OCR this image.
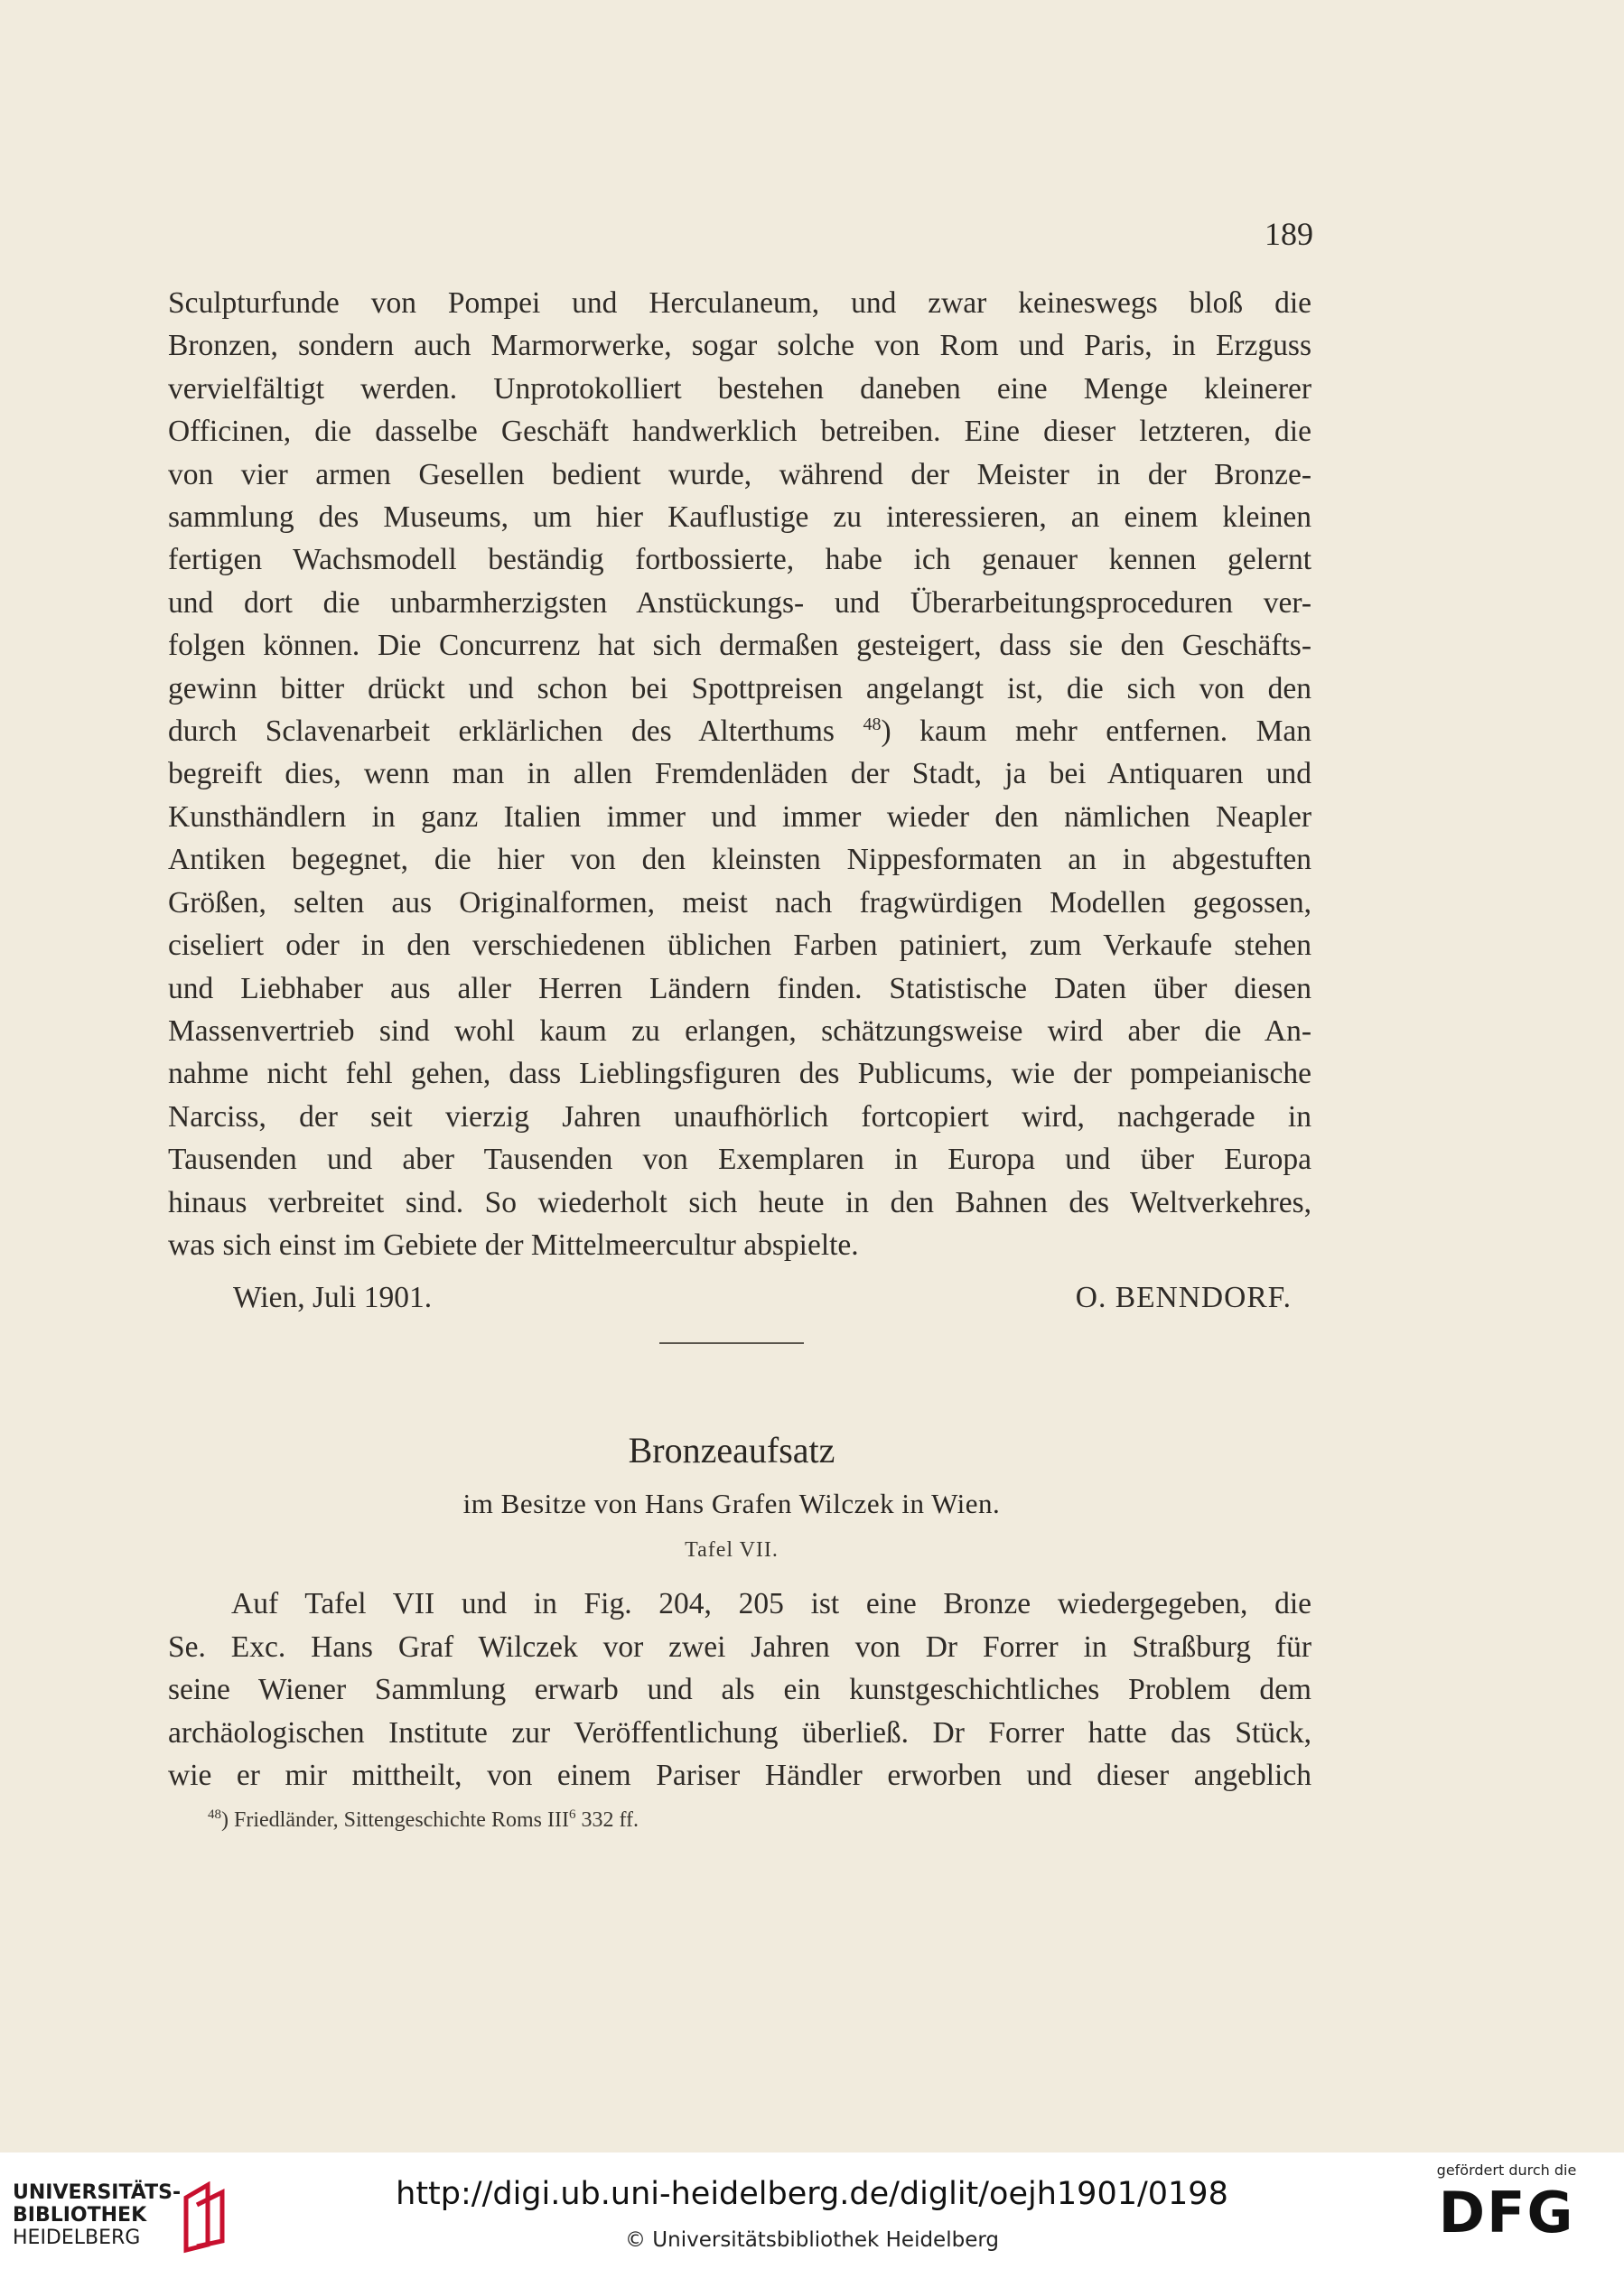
189
Sculpturfunde von Pompei und Herculaneum, und zwar keineswegs bloß die
Bronzen, sondern auch Marmorwerke, sogar solche von Rom und Paris, in Erzguss
vervielfältigt werden. Unprotokolliert bestehen daneben eine Menge kleinerer
Officinen, die dasselbe Geschäft handwerklich betreiben. Eine dieser letzteren, die
von vier armen Gesellen bedient wurde, während der Meister in der Bronze-
sammlung des Museums, um hier Kauflustige zu interessieren, an einem kleinen
fertigen Wachsmodell beständig fortbossierte, habe ich genauer kennen gelernt
und dort die unbarmherzigsten Anstückungs- und Überarbeitungsproceduren ver-
folgen können. Die Concurrenz hat sich dermaßen gesteigert, dass sie den Geschäfts-
gewinn bitter drückt und schon bei Spottpreisen angelangt ist, die sich von den
durch Sclavenarbeit erklärlichen des Alterthums $^{48}$) kaum mehr entfernen. Man
begreift dies, wenn man in allen Fremdenläden der Stadt, ja bei Antiquaren und
Kunsthändlern in ganz Italien immer und immer wieder den nämlichen Neapler
Antiken begegnet, die hier von den kleinsten Nippesformaten an in abgestuften
Größen, selten aus Originalformen, meist nach fragwürdigen Modellen gegossen,
ciseliert oder in den verschiedenen üblichen Farben patiniert, zum Verkaufe stehen
und Liebhaber aus aller Herren Ländern finden. Statistische Daten über diesen
Massenvertrieb sind wohl kaum zu erlangen, schätzungsweise wird aber die An-
nahme nicht fehl gehen, dass Lieblingsfiguren des Publicums, wie der pompeianische
Narciss, der seit vierzig Jahren unaufhörlich fortcopiert wird, nachgerade in
Tausenden und aber Tausenden von Exemplaren in Europa und über Europa
hinaus verbreitet sind. So wiederholt sich heute in den Bahnen des Weltverkehres,
was sich einst im Gebiete der Mittelmeercultur abspielte.
Wien, Juli 1901.	O. BENNDORF.
Bronzeaufsatz
im Besitze von Hans Grafen Wilczek in Wien.
Tafel VII.
Auf Tafel VII und in Fig. 204, 205 ist eine Bronze wiedergegeben, die
Se. Exc. Hans Graf Wilczek vor zwei Jahren von Dr Forrer in Straßburg für
seine Wiener Sammlung erwarb und als ein kunstgeschichtliches Problem dem
archäologischen Institute zur Veröffentlichung überließ. Dr Forrer hatte das Stück,
wie er mir mittheilt, von einem Pariser Händler erworben und dieser angeblich
$^{48}$) Friedländer, Sittengeschichte Roms III$^6$ 332 ff.
UNIVERSITÄTS-
BIBLIOTHEK
HEIDELBERG
http://digi.ub.uni-heidelberg.de/diglit/oejh1901/0198
© Universitätsbibliothek Heidelberg
gefördert durch die
DFG
